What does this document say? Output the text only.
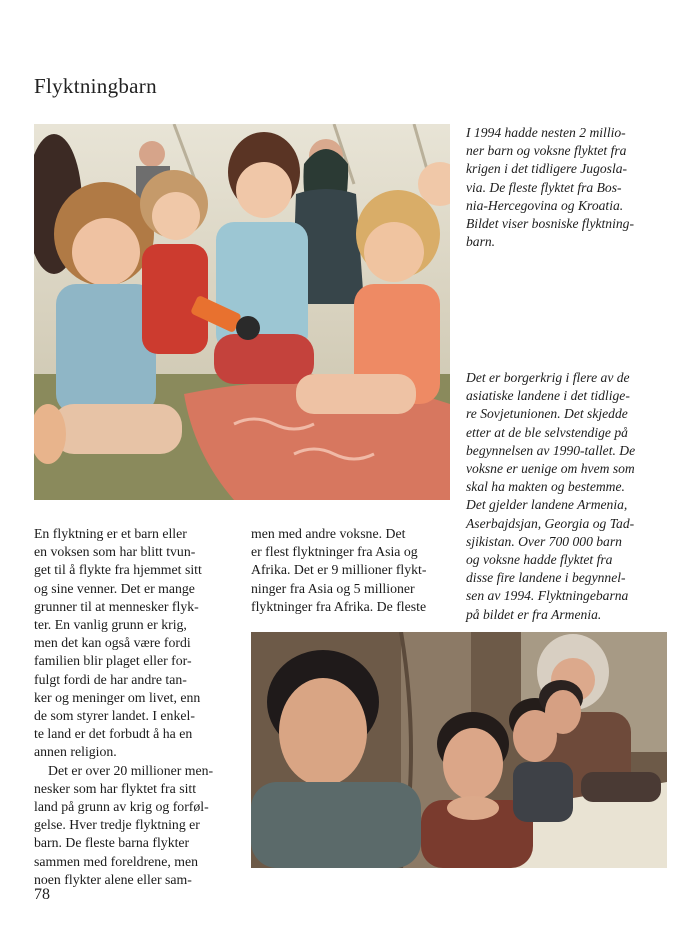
Flyktningbarn
I 1994 hadde nesten 2 millio-
ner barn og voksne flyktet fra
krigen i det tidligere Jugosla-
via. De fleste flyktet fra Bos-
nia-Hercegovina og Kroatia.
Bildet viser bosniske flyktning-
barn.
Det er borgerkrig i flere av de
asiatiske landene i det tidlige-
re Sovjetunionen. Det skjedde
etter at de ble selvstendige på
begynnelsen av 1990-tallet. De
voksne er uenige om hvem som
skal ha makten og bestemme.
Det gjelder landene Armenia,
Aserbajdsjan, Georgia og Tad-
sjikistan. Over 700 000 barn
og voksne hadde flyktet fra
disse fire landene i begynnel-
sen av 1994. Flyktningebarna
på bildet er fra Armenia.

En flyktning er et barn eller
en voksen som har blitt tvun-
get til å flykte fra hjemmet sitt
og sine venner. Det er mange
grunner til at mennesker flyk-
ter. En vanlig grunn er krig,
men det kan også være fordi
familien blir plaget eller for-
fulgt fordi de har andre tan-
ker og meninger om livet, enn
de som styrer landet. I enkel-
te land er det forbudt å ha en
annen religion.

Det er over 20 millioner men-
nesker som har flyktet fra sitt
land på grunn av krig og forføl-
gelse. Hver tredje flyktning er
barn. De fleste barna flykter
sammen med foreldrene, men
noen flykter alene eller sam-

men med andre voksne. Det
er flest flyktninger fra Asia og
Afrika. Det er 9 millioner flykt-
ninger fra Asia og 5 millioner
flyktninger fra Afrika. De fleste

78
